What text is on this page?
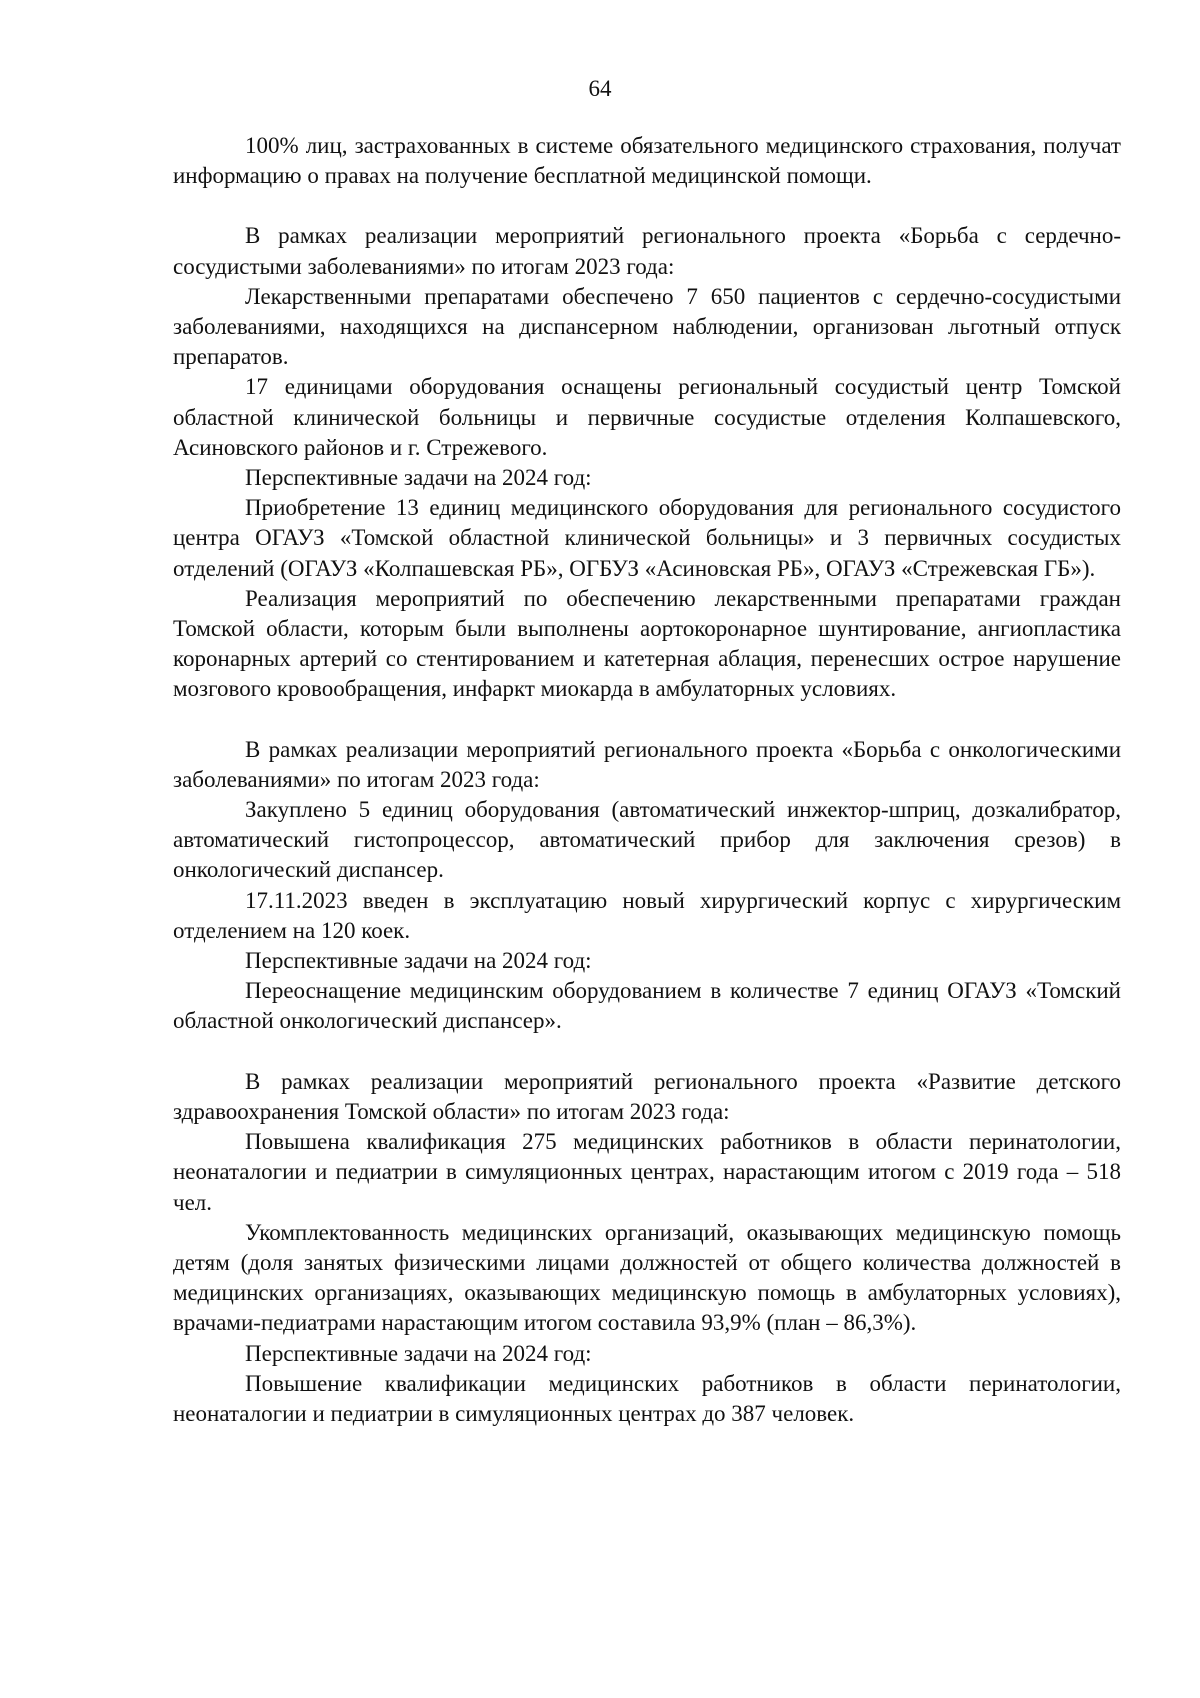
64

100% лиц, застрахованных в системе обязательного медицинского страхования, получат информацию о правах на получение бесплатной медицинской помощи.

В рамках реализации мероприятий регионального проекта «Борьба с сердечно-сосудистыми заболеваниями» по итогам 2023 года:

Лекарственными препаратами обеспечено 7 650 пациентов с сердечно-сосудистыми заболеваниями, находящихся на диспансерном наблюдении, организован льготный отпуск препаратов.

17 единицами оборудования оснащены региональный сосудистый центр Томской областной клинической больницы и первичные сосудистые отделения Колпашевского, Асиновского районов и г. Стрежевого.

Перспективные задачи на 2024 год:

Приобретение 13 единиц медицинского оборудования для регионального сосудистого центра ОГАУЗ «Томской областной клинической больницы» и 3 первичных сосудистых отделений (ОГАУЗ «Колпашевская РБ», ОГБУЗ «Асиновская РБ», ОГАУЗ «Стрежевская ГБ»).

Реализация мероприятий по обеспечению лекарственными препаратами граждан Томской области, которым были выполнены аортокоронарное шунтирование, ангиопластика коронарных артерий со стентированием и катетерная аблация, перенесших острое нарушение мозгового кровообращения, инфаркт миокарда в амбулаторных условиях.

В рамках реализации мероприятий регионального проекта «Борьба с онкологическими заболеваниями» по итогам 2023 года:

Закуплено 5 единиц оборудования (автоматический инжектор-шприц, дозкалибратор, автоматический гистопроцессор, автоматический прибор для заключения срезов) в онкологический диспансер.

17.11.2023 введен в эксплуатацию новый хирургический корпус с хирургическим отделением на 120 коек.

Перспективные задачи на 2024 год:

Переоснащение медицинским оборудованием в количестве 7 единиц ОГАУЗ «Томский областной онкологический диспансер».

В рамках реализации мероприятий регионального проекта «Развитие детского здравоохранения Томской области» по итогам 2023 года:

Повышена квалификация 275 медицинских работников в области перинатологии, неонаталогии и педиатрии в симуляционных центрах, нарастающим итогом с 2019 года – 518 чел.

Укомплектованность медицинских организаций, оказывающих медицинскую помощь детям (доля занятых физическими лицами должностей от общего количества должностей в медицинских организациях, оказывающих медицинскую помощь в амбулаторных условиях), врачами-педиатрами нарастающим итогом составила 93,9% (план – 86,3%).

Перспективные задачи на 2024 год:

Повышение квалификации медицинских работников в области перинатологии, неонаталогии и педиатрии в симуляционных центрах до 387 человек.
